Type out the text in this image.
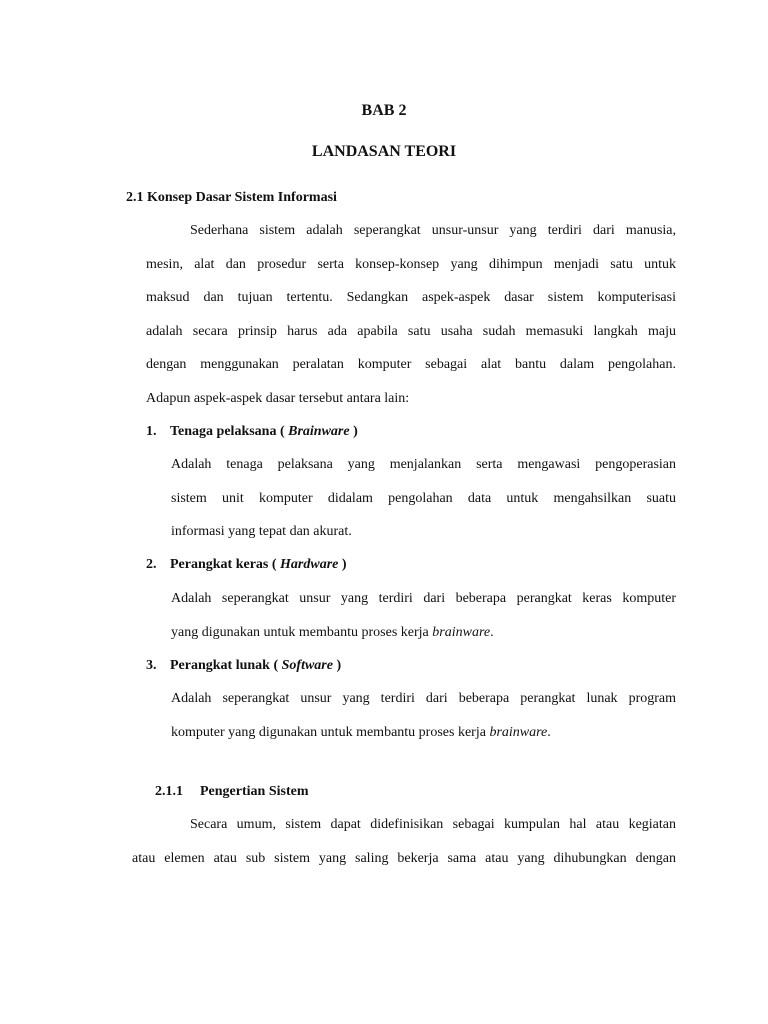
BAB 2
LANDASAN TEORI
2.1 Konsep Dasar Sistem Informasi
Sederhana sistem adalah seperangkat unsur-unsur yang terdiri dari manusia,
mesin, alat dan prosedur serta konsep-konsep yang dihimpun menjadi satu untuk
maksud dan tujuan tertentu. Sedangkan aspek-aspek dasar sistem komputerisasi
adalah secara prinsip harus ada apabila satu usaha sudah memasuki langkah maju
dengan menggunakan peralatan komputer sebagai alat bantu dalam pengolahan.
Adapun aspek-aspek dasar tersebut antara lain:
1. Tenaga pelaksana ( Brainware )
Adalah tenaga pelaksana yang menjalankan serta mengawasi pengoperasian
sistem unit komputer didalam pengolahan data untuk mengahsilkan suatu
informasi yang tepat dan akurat.
2. Perangkat keras ( Hardware )
Adalah seperangkat unsur yang terdiri dari beberapa perangkat keras komputer
yang digunakan untuk membantu proses kerja brainware.
3. Perangkat lunak ( Software )
Adalah seperangkat unsur yang terdiri dari beberapa perangkat lunak program
komputer yang digunakan untuk membantu proses kerja brainware.
2.1.1 Pengertian Sistem
Secara umum, sistem dapat didefinisikan sebagai kumpulan hal atau kegiatan
atau elemen atau sub sistem yang saling bekerja sama atau yang dihubungkan dengan
